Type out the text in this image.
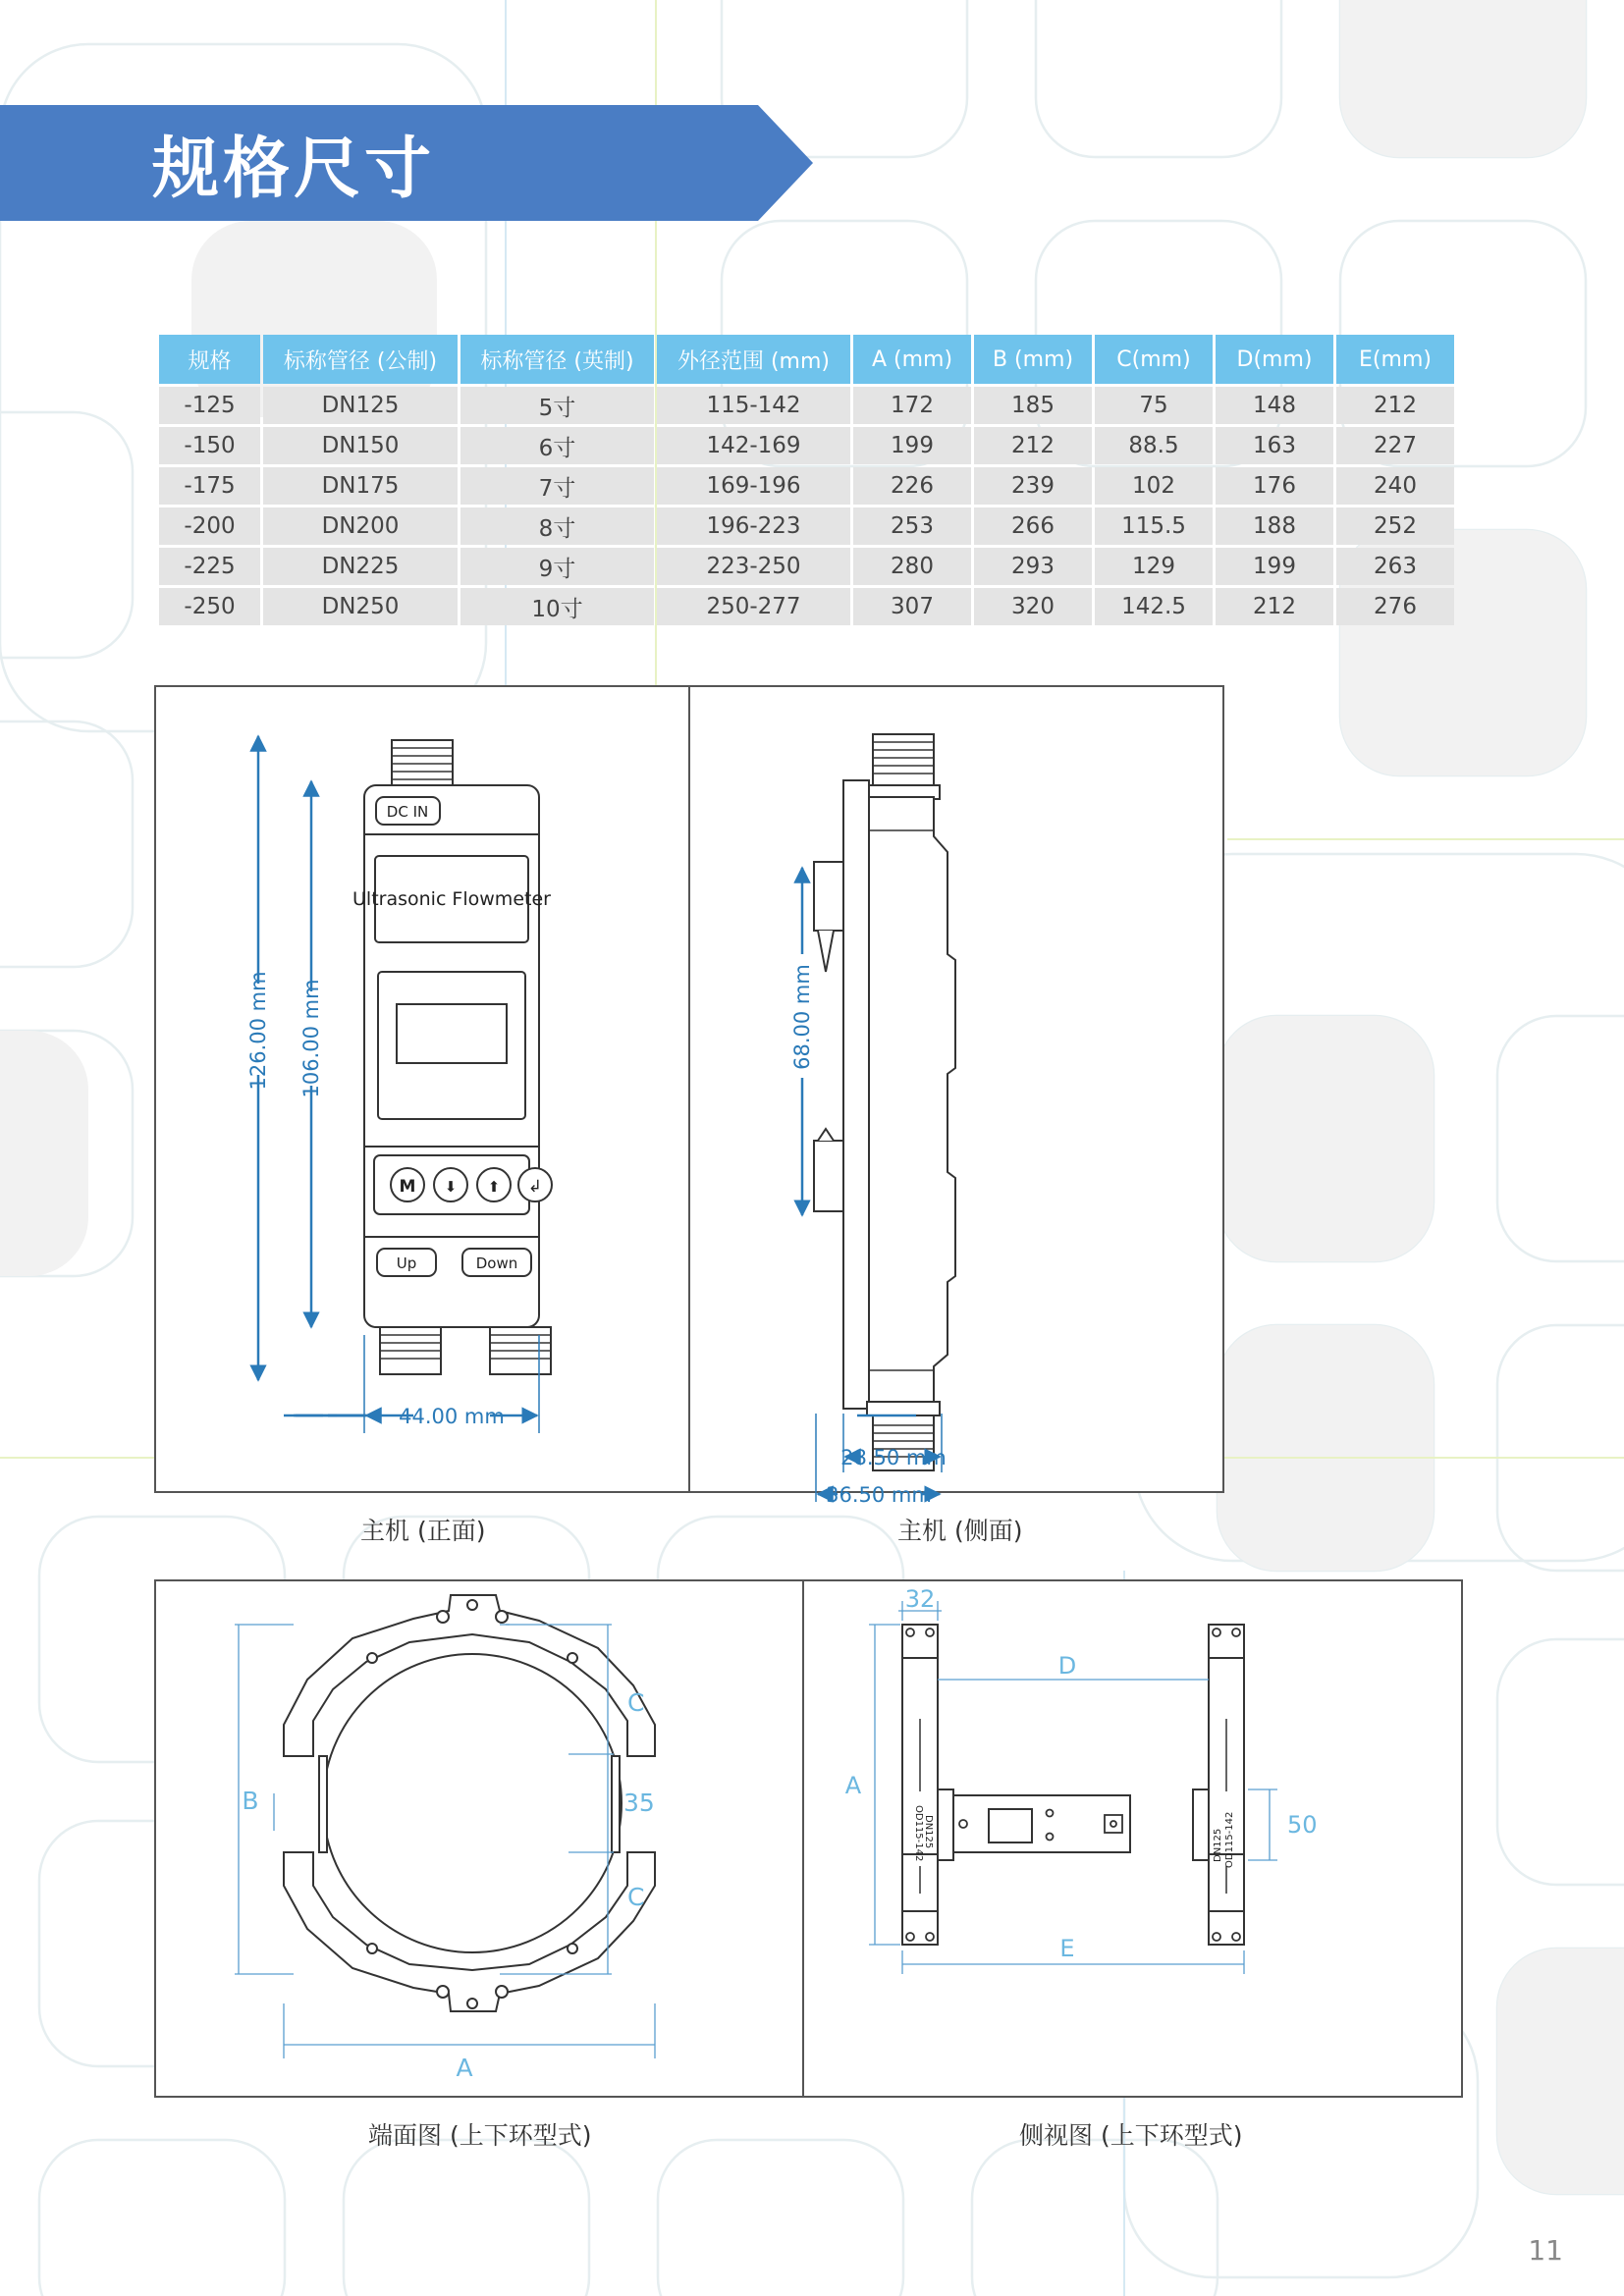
规格尺寸
规格	标称管径 (公制)	标称管径 (英制)	外径范围 (mm)	A (mm)	B (mm)	C(mm)	D(mm)	E(mm)
-125	DN125	5寸	115-142	172	185	75	148	212
-150	DN150	6寸	142-169	199	212	88.5	163	227
-175	DN175	7寸	169-196	226	239	102	176	240
-200	DN200	8寸	196-223	253	266	115.5	188	252
-225	DN225	9寸	223-250	280	293	129	199	263
-250	DN250	10寸	250-277	307	320	142.5	212	276
DC IN
Ultrasonic Flowmeter
M ⬇ ⬆ ↲
Up	Down
126.00 mm 106.00 mm
44.00 mm
主机 (正面)
68.00 mm
28.50 mm
36.50 mm
主机 (侧面)
B
C
35
C
A
端面图 (上下环型式)
32
D
A
50
E
DN125
OD115-142	DN125 OD115-142
侧视图 (上下环型式)
11
